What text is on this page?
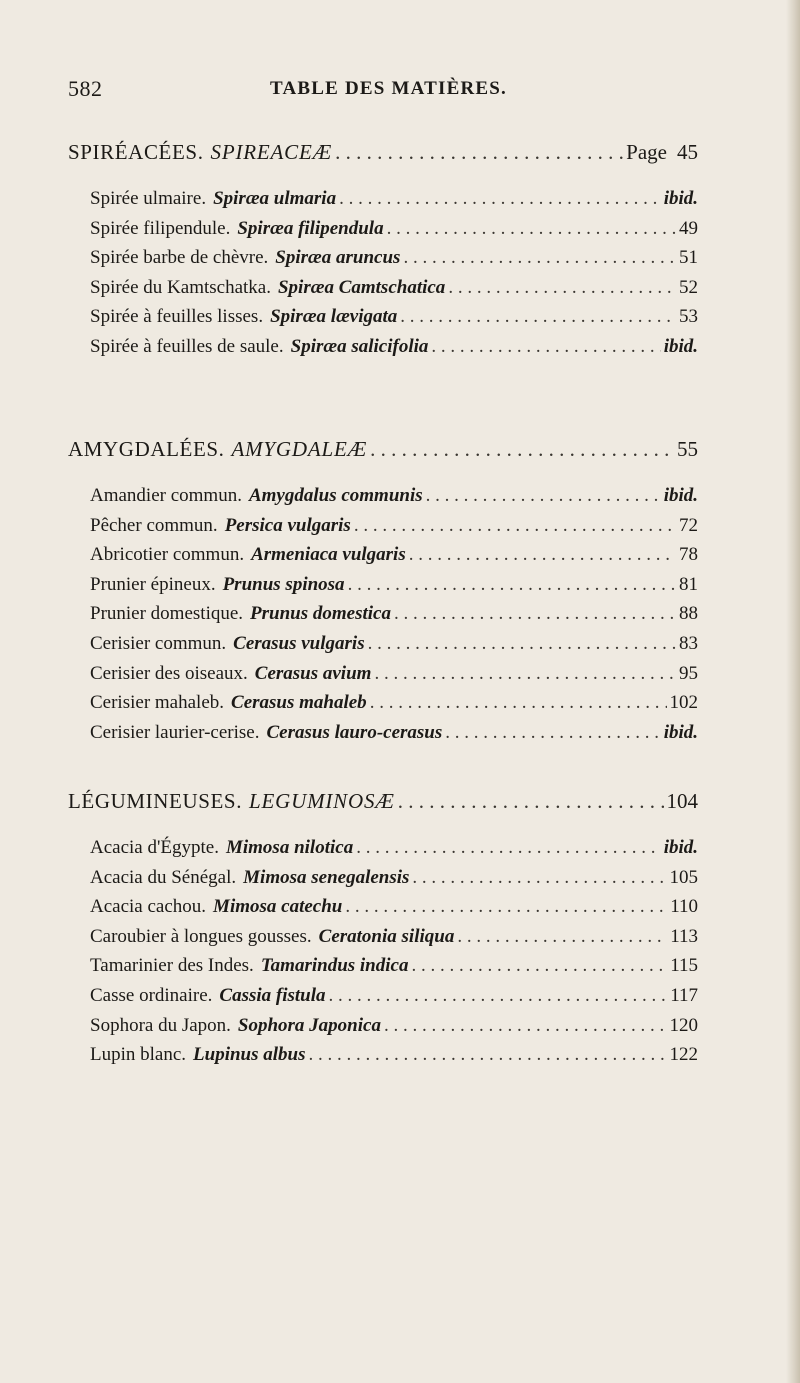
582	TABLE DES MATIÈRES.
SPIRÉACÉES. SPIREACEÆ . . .	Page 45
Spirée ulmaire. Spiræa ulmaria . . .	ibid.
Spirée filipendule. Spiræa filipendula . . .	49
Spirée barbe de chèvre. Spiræa aruncus . . .	51
Spirée du Kamtschatka. Spiræa Camtschatica . . .	52
Spirée à feuilles lisses. Spiræa lævigata . . .	53
Spirée à feuilles de saule. Spiræa salicifolia . . .	ibid.
AMYGDALÉES. AMYGDALEÆ . . .	55
Amandier commun. Amygdalus communis . . .	ibid.
Pêcher commun. Persica vulgaris . . .	72
Abricotier commun. Armeniaca vulgaris . . .	78
Prunier épineux. Prunus spinosa . . .	81
Prunier domestique. Prunus domestica . . .	88
Cerisier commun. Cerasus vulgaris . . .	83
Cerisier des oiseaux. Cerasus avium . . .	95
Cerisier mahaleb. Cerasus mahaleb . . .	102
Cerisier laurier-cerise. Cerasus lauro-cerasus . . .	ibid.
LÉGUMINEUSES. LEGUMINOSÆ . . .	104
Acacia d'Égypte. Mimosa nilotica . . .	ibid.
Acacia du Sénégal. Mimosa senegalensis . . .	105
Acacia cachou. Mimosa catechu . . .	110
Caroubier à longues gousses. Ceratonia siliqua . . .	113
Tamarinier des Indes. Tamarindus indica . . .	115
Casse ordinaire. Cassia fistula . . .	117
Sophora du Japon. Sophora Japonica . . .	120
Lupin blanc. Lupinus albus . . .	122
